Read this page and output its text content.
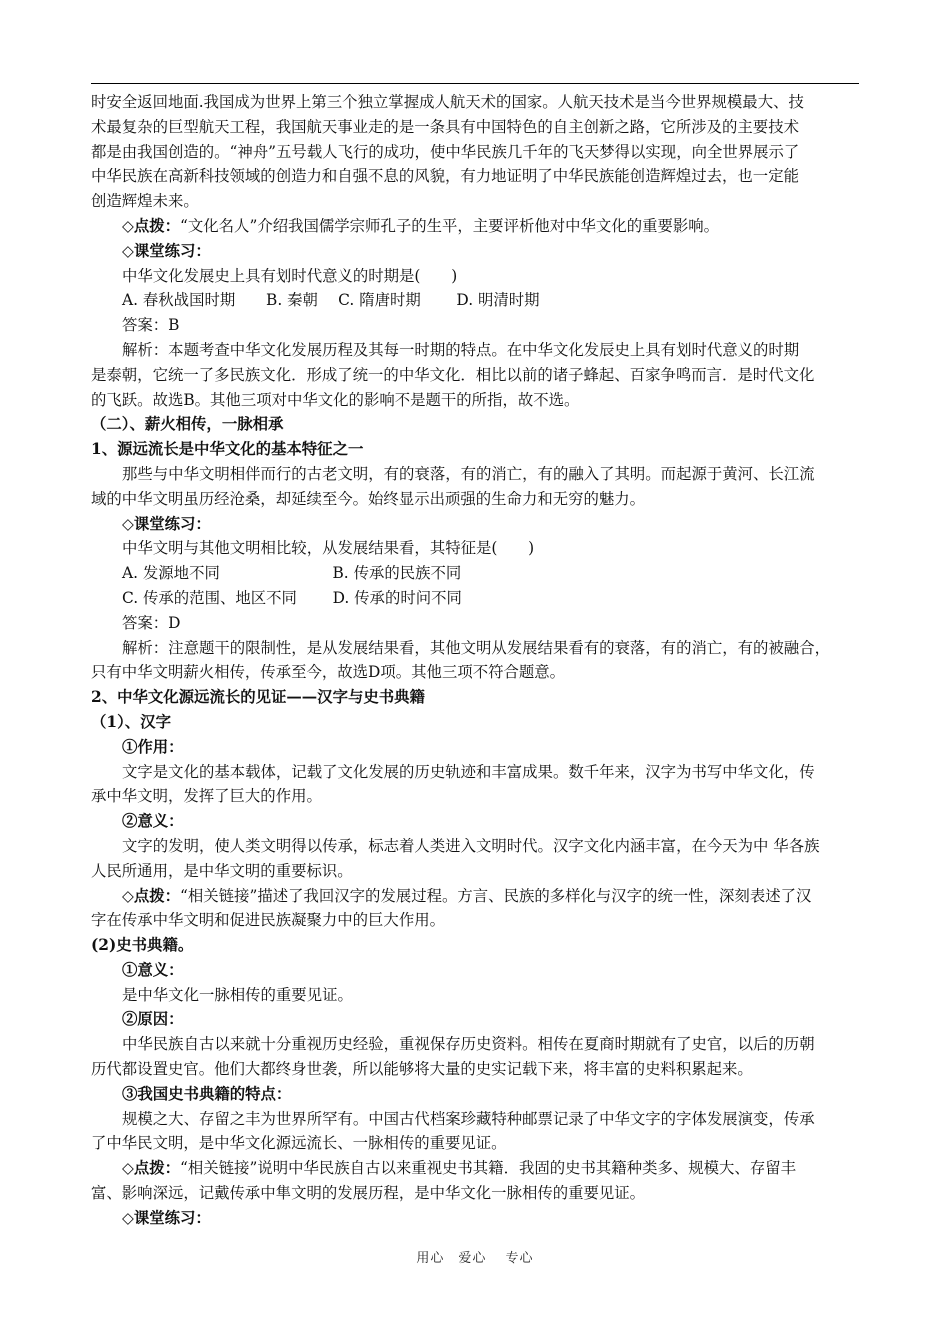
时安全返回地面.我国成为世界上第三个独立掌握成人航天术的国家。人航天技术是当今世界规模最大、技

术最复杂的巨型航天工程，我国航天事业走的是一条具有中国特色的自主创新之路，它所涉及的主要技术

都是由我国创造的。“神舟”五号载人飞行的成功，使中华民族几千年的飞天梦得以实现，向全世界展示了

中华民族在高新科技领域的创造力和自强不息的风貌，有力地证明了中华民族能创造辉煌过去，也一定能

创造辉煌未来。

◇点拨：“文化名人”介绍我国儒学宗师孔子的生平，主要评析他对中华文化的重要影响。

◇课堂练习：

中华文化发展史上具有划时代意义的时期是(　　)

A. 春秋战国时期　　B. 秦朝　 C. 隋唐时期　　 D. 明清时期

答案：B

解析：本题考查中华文化发展历程及其每一时期的特点。在中华文化发辰史上具有划时代意义的时期

是泰朝，它统一了多民族文化．形成了统一的中华文化．相比以前的诸子蜂起、百家争鸣而言．是时代文化

的飞跃。故选B。其他三项对中华文化的影响不是题干的所指，故不选。

（二）、薪火相传，一脉相承

1、源远流长是中华文化的基本特征之一

那些与中华文明相伴而行的古老文明，有的衰落，有的消亡，有的融入了其明。而起源于黄河、长江流

域的中华文明虽历经沧桑，却延续至今。始终显示出顽强的生命力和无穷的魅力。

◇课堂练习：

中华文明与其他文明相比较，从发展结果看，其特征是(　　)

A. 发源地不同　　　　　　　 B. 传承的民族不同

C. 传承的范围、地区不同　　 D. 传承的时问不同

答案：D

解析：注意题干的限制性，是从发展结果看，其他文明从发展结果看有的衰落，有的消亡，有的被融合，

只有中华文明薪火相传，传承至今，故选D项。其他三项不符合题意。

2、中华文化源远流长的见证——汉字与史书典籍

（1）、汉字

①作用：

文字是文化的基本载体，记载了文化发展的历史轨迹和丰富成果。数千年来，汉字为书写中华文化，传

承中华文明，发挥了巨大的作用。

②意义：

文字的发明，使人类文明得以传承，标志着人类进入文明时代。汉字文化内涵丰富，在今天为中 华各族

人民所通用，是中华文明的重要标识。

◇点拨：“相关链接”描述了我回汉字的发展过程。方言、民族的多样化与汉字的统一性，深刻表述了汉

字在传承中华文明和促进民族凝聚力中的巨大作用。

(2)史书典籍。

①意义：

是中华文化一脉相传的重要见证。

②原因：

中华民族自古以来就十分重视历史经验，重视保存历史资料。相传在夏商时期就有了史官，以后的历朝

历代都设置史官。他们大都终身世袭，所以能够将大量的史实记载下来，将丰富的史料积累起来。

③我国史书典籍的特点：

规模之大、存留之丰为世界所罕有。中国古代档案珍藏特种邮票记录了中华文字的字体发展演变，传承

了中华民文明，是中华文化源远流长、一脉相传的重要见证。

◇点拨：“相关链接”说明中华民族自古以来重视史书其籍．我固的史书其籍种类多、规模大、存留丰

富、影响深远，记戴传承中隼文明的发展历程，是中华文化一脉相传的重要见证。

◇课堂练习：

用心　爱心　 专心
